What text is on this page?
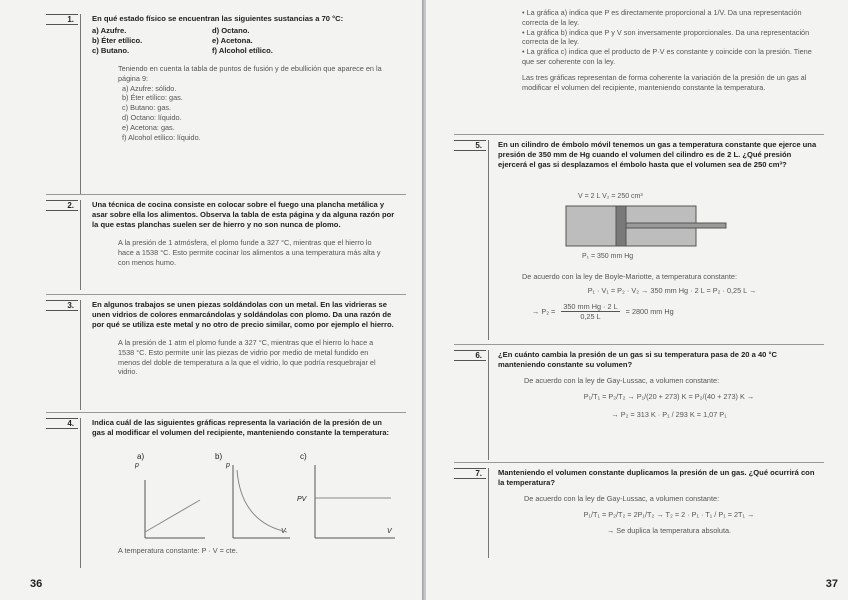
1.	En qué estado físico se encuentran las siguientes sustancias a 70 °C:
a) Azufre.	d) Octano.
b) Éter etílico.	e) Acetona.
c) Butano.	f) Alcohol etílico.
Teniendo en cuenta la tabla de puntos de fusión y de ebullición que aparece en la página 9:
a) Azufre: sólido.
b) Éter etílico: gas.
c) Butano: gas.
d) Octano: líquido.
e) Acetona: gas.
f) Alcohol etílico: líquido.
2.	Una técnica de cocina consiste en colocar sobre el fuego una plancha metálica y asar sobre ella los alimentos. Observa la tabla de esta página y da alguna razón por la que estas planchas suelen ser de hierro y no son nunca de plomo.
A la presión de 1 atmósfera, el plomo funde a 327 °C, mientras que el hierro lo hace a 1538 °C. Esto permite cocinar los alimentos a una temperatura más alta y con menos humo.
3.	En algunos trabajos se unen piezas soldándolas con un metal. En las vidrieras se unen vidrios de colores enmarcándolas y soldándolas con plomo. Da una razón de por qué se utiliza este metal y no otro de precio similar, como por ejemplo el hierro.
A la presión de 1 atm el plomo funde a 327 °C, mientras que el hierro lo hace a 1538 °C. Esto permite unir las piezas de vidrio por medio de metal fundido en menos del doble de temperatura a la que el vidrio, lo que podría resquebrajar el vidrio.
4.	Indica cuál de las siguientes gráficas representa la variación de la presión de un gas al modificar el volumen del recipiente, manteniendo constante la temperatura:
a)	b)	c)
p	p
PV
V	V
A temperatura constante: P · V = cte.
36
• La gráfica a) indica que P es directamente proporcional a 1/V. Da una representación correcta de la ley.
• La gráfica b) indica que P y V son inversamente proporcionales. Da una representación correcta de la ley.
• La gráfica c) indica que el producto de P·V es constante y coincide con la presión. Tiene que ser coherente con la ley.
Las tres gráficas representan de forma coherente la variación de la presión de un gas al modificar el volumen del recipiente, manteniendo constante la temperatura.
5.	En un cilindro de émbolo móvil tenemos un gas a temperatura constante que ejerce una presión de 350 mm de Hg cuando el volumen del cilindro es de 2 L. ¿Qué presión ejercerá el gas si desplazamos el émbolo hasta que el volumen sea de 250 cm³?
V = 2 L V₂ = 250 cm³
P₁ = 350 mm Hg
De acuerdo con la ley de Boyle-Mariotte, a temperatura constante:
P₁ · V₁ = P₂ · V₂ → 350 mm Hg · 2 L = P₂ · 0,25 L →
→ $P_2 = \frac{\text{350 mm Hg · 2 L}}{0,25 L} = 2800$ mm Hg
6.	¿En cuánto cambia la presión de un gas si su temperatura pasa de 20 a 40 °C manteniendo constante su volumen?
De acuerdo con la ley de Gay-Lussac, a volumen constante:
P₁/T₁ = P₂/T₂ → P₁/(20 + 273) K = P₂/(40 + 273) K →
→ P₂ = 313 K · P₁ / 293 K = 1,07 P₁
7.	Manteniendo el volumen constante duplicamos la presión de un gas. ¿Qué ocurrirá con la temperatura?
De acuerdo con la ley de Gay-Lussac, a volumen constante:
P₁/T₁ = P₂/T₂ = 2P₁/T₂ → T₂ = 2 · P₁ · T₁ / P₁ = 2T₁ →
→ Se duplica la temperatura absoluta.
37
